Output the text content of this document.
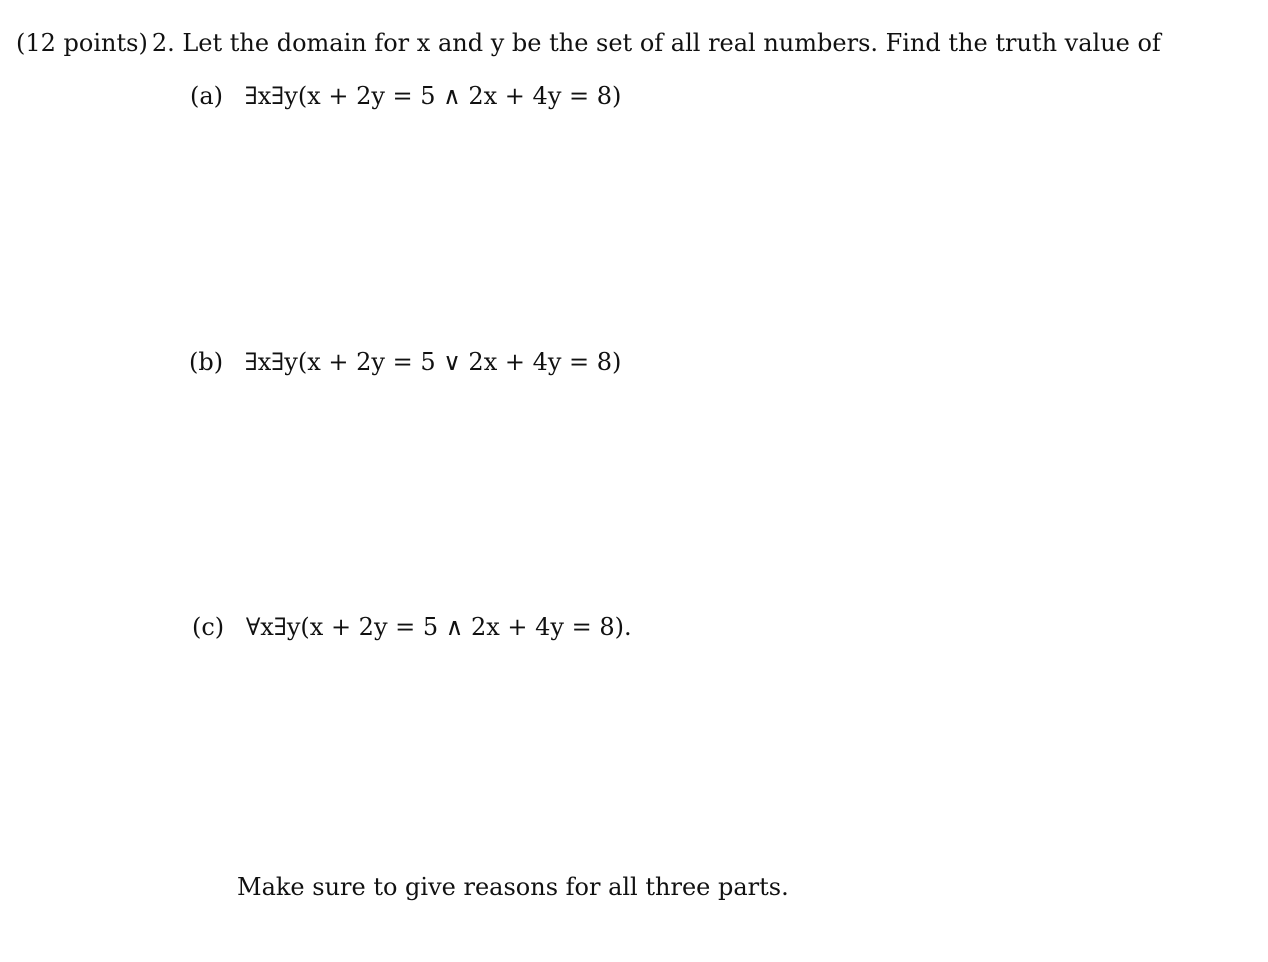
(12 points) 2. Let the domain for x and y be the set of all real numbers. Find the truth value of
(a) ∃x∃y(x + 2y = 5 ∧ 2x + 4y = 8)
(b) ∃x∃y(x + 2y = 5 ∨ 2x + 4y = 8)
(c) ∀x∃y(x + 2y = 5 ∧ 2x + 4y = 8).
Make sure to give reasons for all three parts.
